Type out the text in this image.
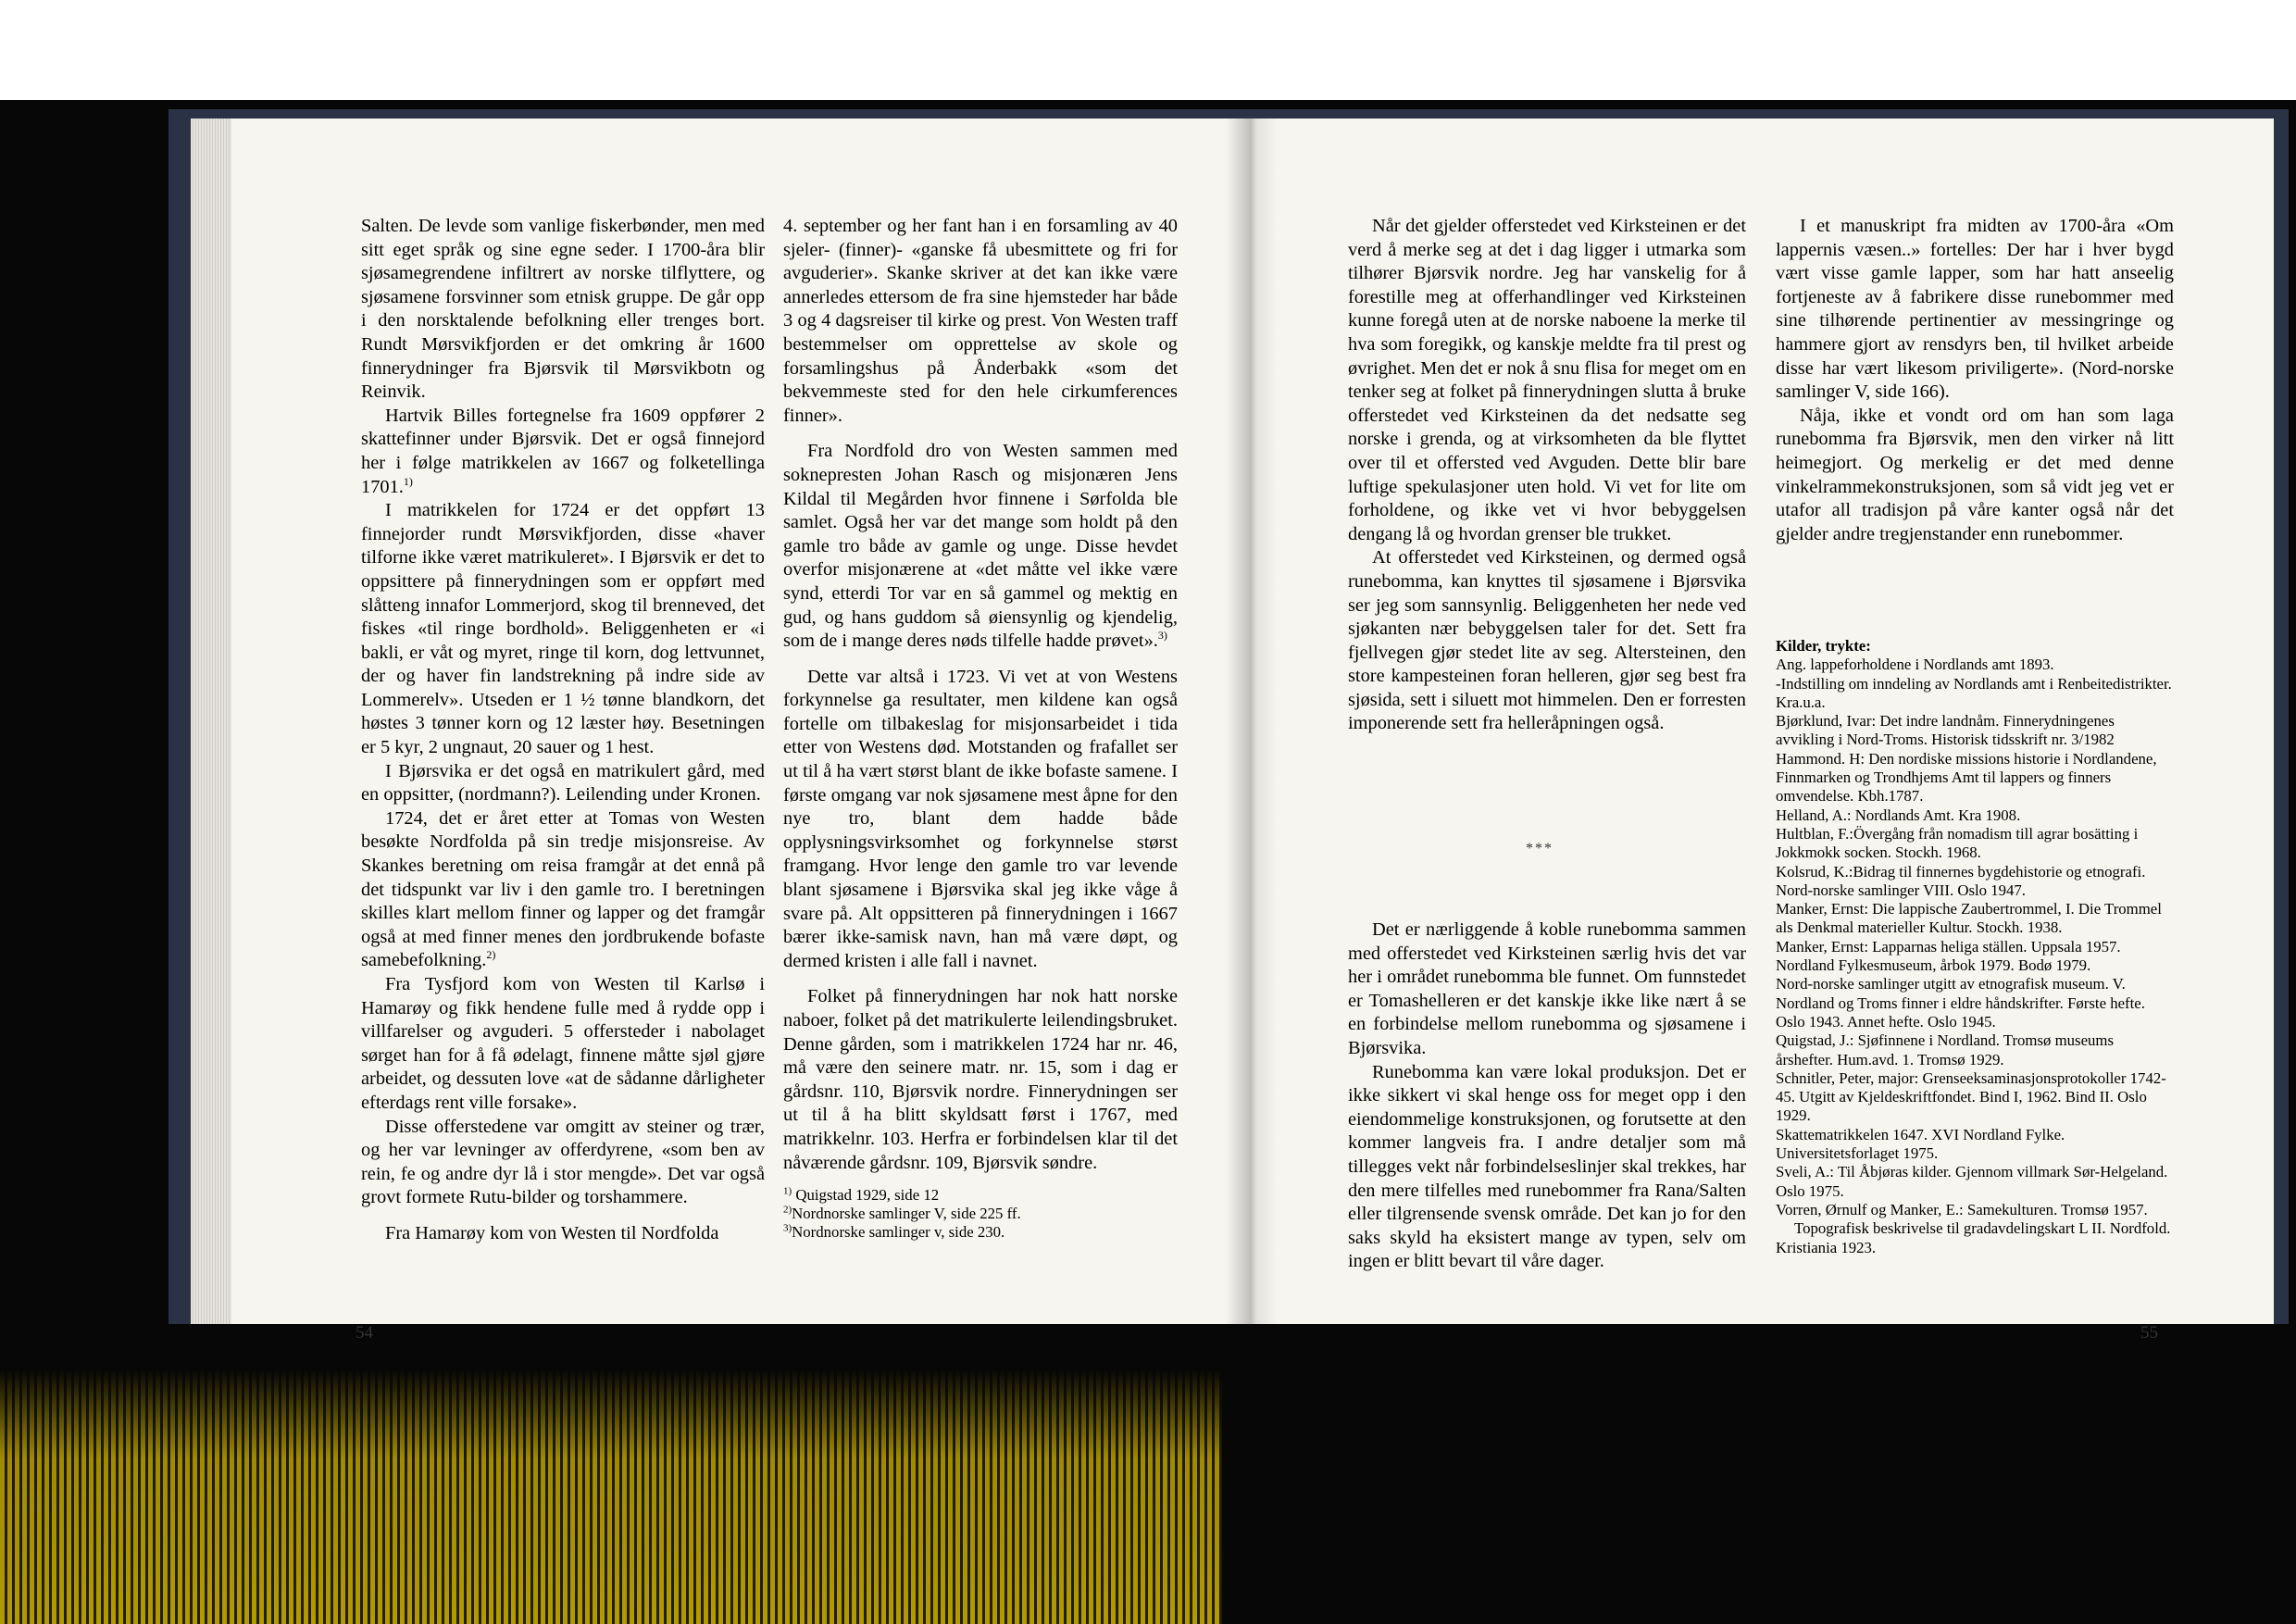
Salten. De levde som vanlige fiskerbønder, men med sitt eget språk og sine egne seder. I 1700-åra blir sjøsamegrendene infiltrert av norske tilflyttere, og sjøsamene forsvinner som etnisk gruppe. De går opp i den norsktalende befolkning eller trenges bort. Rundt Mørsvikfjorden er det omkring år 1600 finnerydninger fra Bjørsvik til Mørsvikbotn og Reinvik.

Hartvik Billes fortegnelse fra 1609 oppfører 2 skattefinner under Bjørsvik. Det er også finnejord her i følge matrikkelen av 1667 og folketellinga 1701.$^{1)}$

I matrikkelen for 1724 er det oppført 13 finnejorder rundt Mørsvikfjorden, disse «haver tilforne ikke været matrikuleret». I Bjørsvik er det to oppsittere på finnerydningen som er oppført med slåtteng innafor Lommerjord, skog til brenneved, det fiskes «til ringe bordhold». Beliggenheten er «i bakli, er våt og myret, ringe til korn, dog lettvunnet, der og haver fin landstrekning på indre side av Lommerelv». Utseden er 1 ½ tønne blandkorn, det høstes 3 tønner korn og 12 læster høy. Besetningen er 5 kyr, 2 ungnaut, 20 sauer og 1 hest.

I Bjørsvika er det også en matrikulert gård, med en oppsitter, (nordmann?). Leilending under Kronen.

1724, det er året etter at Tomas von Westen besøkte Nordfolda på sin tredje misjonsreise. Av Skankes beretning om reisa framgår at det ennå på det tidspunkt var liv i den gamle tro. I beretningen skilles klart mellom finner og lapper og det framgår også at med finner menes den jordbrukende bofaste samebefolkning.$^{2)}$

Fra Tysfjord kom von Westen til Karlsø i Hamarøy og fikk hendene fulle med å rydde opp i villfarelser og avguderi. 5 offersteder i nabolaget sørget han for å få ødelagt, finnene måtte sjøl gjøre arbeidet, og dessuten love «at de sådanne dårligheter efterdags rent ville forsake».

Disse offerstedene var omgitt av steiner og trær, og her var levninger av offerdyrene, «som ben av rein, fe og andre dyr lå i stor mengde». Det var også grovt formete Rutu-bilder og torshammere.

Fra Hamarøy kom von Westen til Nordfolda

4. september og her fant han i en forsamling av 40 sjeler- (finner)- «ganske få ubesmittete og fri for avguderier». Skanke skriver at det kan ikke være annerledes ettersom de fra sine hjemsteder har både 3 og 4 dagsreiser til kirke og prest. Von Westen traff bestemmelser om opprettelse av skole og forsamlingshus på Ånderbakk «som det bekvemmeste sted for den hele cirkumferences finner».

Fra Nordfold dro von Westen sammen med soknepresten Johan Rasch og misjonæren Jens Kildal til Megården hvor finnene i Sørfolda ble samlet. Også her var det mange som holdt på den gamle tro både av gamle og unge. Disse hevdet overfor misjonærene at «det måtte vel ikke være synd, etterdi Tor var en så gammel og mektig en gud, og hans guddom så øiensynlig og kjendelig, som de i mange deres nøds tilfelle hadde prøvet».$^{3)}$

Dette var altså i 1723. Vi vet at von Westens forkynnelse ga resultater, men kildene kan også fortelle om tilbakeslag for misjonsarbeidet i tida etter von Westens død. Motstanden og frafallet ser ut til å ha vært størst blant de ikke bofaste samene. I første omgang var nok sjøsamene mest åpne for den nye tro, blant dem hadde både opplysningsvirksomhet og forkynnelse størst framgang. Hvor lenge den gamle tro var levende blant sjøsamene i Bjørsvika skal jeg ikke våge å svare på. Alt oppsitteren på finnerydningen i 1667 bærer ikke-samisk navn, han må være døpt, og dermed kristen i alle fall i navnet.

Folket på finnerydningen har nok hatt norske naboer, folket på det matrikulerte leilendingsbruket. Denne gården, som i matrikkelen 1724 har nr. 46, må være den seinere matr. nr. 15, som i dag er gårdsnr. 110, Bjørsvik nordre. Finnerydningen ser ut til å ha blitt skyldsatt først i 1767, med matrikkelnr. 103. Herfra er forbindelsen klar til det nåværende gårdsnr. 109, Bjørsvik søndre.

$^{1)}$ Quigstad 1929, side 12
$^{2)}$Nordnorske samlinger V, side 225 ff.
$^{3)}$Nordnorske samlinger v, side 230.
54

Når det gjelder offerstedet ved Kirksteinen er det verd å merke seg at det i dag ligger i utmarka som tilhører Bjørsvik nordre. Jeg har vanskelig for å forestille meg at offerhandlinger ved Kirksteinen kunne foregå uten at de norske naboene la merke til hva som foregikk, og kanskje meldte fra til prest og øvrighet. Men det er nok å snu flisa for meget om en tenker seg at folket på finnerydningen slutta å bruke offerstedet ved Kirksteinen da det nedsatte seg norske i grenda, og at virksomheten da ble flyttet over til et offersted ved Avguden. Dette blir bare luftige spekulasjoner uten hold. Vi vet for lite om forholdene, og ikke vet vi hvor bebyggelsen dengang lå og hvordan grenser ble trukket.

At offerstedet ved Kirksteinen, og dermed også runebomma, kan knyttes til sjøsamene i Bjørsvika ser jeg som sannsynlig. Beliggenheten her nede ved sjøkanten nær bebyggelsen taler for det. Sett fra fjellvegen gjør stedet lite av seg. Altersteinen, den store kampesteinen foran helleren, gjør seg best fra sjøsida, sett i siluett mot himmelen. Den er forresten imponerende sett fra helleråpningen også.

***

Det er nærliggende å koble runebomma sammen med offerstedet ved Kirksteinen særlig hvis det var her i området runebomma ble funnet. Om funnstedet er Tomashelleren er det kanskje ikke like nært å se en forbindelse mellom runebomma og sjøsamene i Bjørsvika.

Runebomma kan være lokal produksjon. Det er ikke sikkert vi skal henge oss for meget opp i den eiendommelige konstruksjonen, og forutsette at den kommer langveis fra. I andre detaljer som må tillegges vekt når forbindelseslinjer skal trekkes, har den mere tilfelles med runebommer fra Rana/Salten eller tilgrensende svensk område. Det kan jo for den saks skyld ha eksistert mange av typen, selv om ingen er blitt bevart til våre dager.

I et manuskript fra midten av 1700-åra «Om lappernis væsen..» fortelles: Der har i hver bygd vært visse gamle lapper, som har hatt anseelig fortjeneste av å fabrikere disse runebommer med sine tilhørende pertinentier av messingringe og hammere gjort av rensdyrs ben, til hvilket arbeide disse har vært likesom priviligerte». (Nord-norske samlinger V, side 166).

Nåja, ikke et vondt ord om han som laga runebomma fra Bjørsvik, men den virker nå litt heimegjort. Og merkelig er det med denne vinkelrammekonstruksjonen, som så vidt jeg vet er utafor all tradisjon på våre kanter også når det gjelder andre tregjenstander enn runebommer.

Kilder, trykte:
Ang. lappeforholdene i Nordlands amt 1893.
-Indstilling om inndeling av Nordlands amt i Renbeitedistrikter. Kra.u.a.
Bjørklund, Ivar: Det indre landnåm. Finnerydningenes avvikling i Nord-Troms. Historisk tidsskrift nr. 3/1982
Hammond. H: Den nordiske missions historie i Nordlandene, Finnmarken og Trondhjems Amt til lappers og finners omvendelse. Kbh.1787.
Helland, A.: Nordlands Amt. Kra 1908.
Hultblan, F.:Övergång från nomadism till agrar bosätting i Jokkmokk socken. Stockh. 1968.
Kolsrud, K.:Bidrag til finnernes bygdehistorie og etnografi. Nord-norske samlinger VIII. Oslo 1947.
Manker, Ernst: Die lappische Zaubertrommel, I. Die Trommel als Denkmal materieller Kultur. Stockh. 1938.
Manker, Ernst: Lapparnas heliga ställen. Uppsala 1957.
Nordland Fylkesmuseum, årbok 1979. Bodø 1979.
Nord-norske samlinger utgitt av etnografisk museum. V. Nordland og Troms finner i eldre håndskrifter. Første hefte. Oslo 1943. Annet hefte. Oslo 1945.
Quigstad, J.: Sjøfinnene i Nordland. Tromsø museums årshefter. Hum.avd. 1. Tromsø 1929.
Schnitler, Peter, major: Grenseeksaminasjonsprotokoller 1742-45. Utgitt av Kjeldeskriftfondet. Bind I, 1962. Bind II. Oslo 1929.
Skattematrikkelen 1647. XVI Nordland Fylke. Universitetsforlaget 1975.
Sveli, A.: Til Åbjøras kilder. Gjennom villmark Sør-Helgeland. Oslo 1975.
Vorren, Ørnulf og Manker, E.: Samekulturen. Tromsø 1957.
Topografisk beskrivelse til gradavdelingskart L II. Nordfold. Kristiania 1923.
55
